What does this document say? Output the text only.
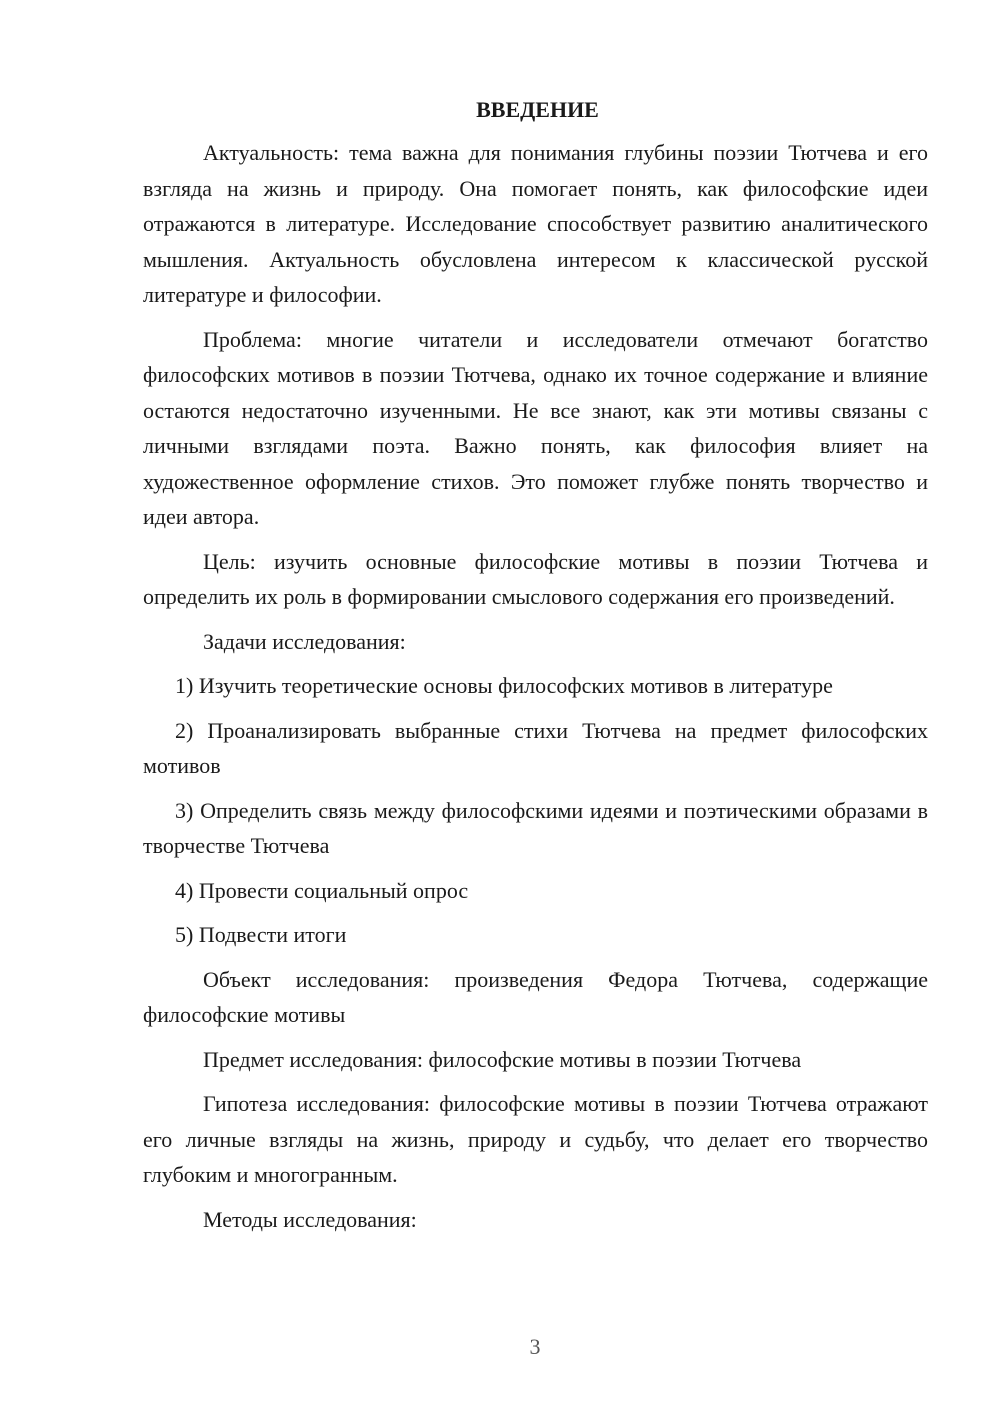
ВВЕДЕНИЕ

Актуальность: тема важна для понимания глубины поэзии Тютчева и его взгляда на жизнь и природу. Она помогает понять, как философские идеи отражаются в литературе. Исследование способствует развитию аналитического мышления. Актуальность обусловлена интересом к классической русской литературе и философии.

Проблема: многие читатели и исследователи отмечают богатство философских мотивов в поэзии Тютчева, однако их точное содержание и влияние остаются недостаточно изученными. Не все знают, как эти мотивы связаны с личными взглядами поэта. Важно понять, как философия влияет на художественное оформление стихов. Это поможет глубже понять творчество и идеи автора.

Цель: изучить основные философские мотивы в поэзии Тютчева и определить их роль в формировании смыслового содержания его произведений.

Задачи исследования:

1) Изучить теоретические основы философских мотивов в литературе

2) Проанализировать выбранные стихи Тютчева на предмет философских мотивов

3) Определить связь между философскими идеями и поэтическими образами в творчестве Тютчева

4) Провести социальный опрос

5) Подвести итоги

Объект исследования: произведения Федора Тютчева, содержащие философские мотивы

Предмет исследования: философские мотивы в поэзии Тютчева

Гипотеза исследования: философские мотивы в поэзии Тютчева отражают его личные взгляды на жизнь, природу и судьбу, что делает его творчество глубоким и многогранным.

Методы исследования:

3
